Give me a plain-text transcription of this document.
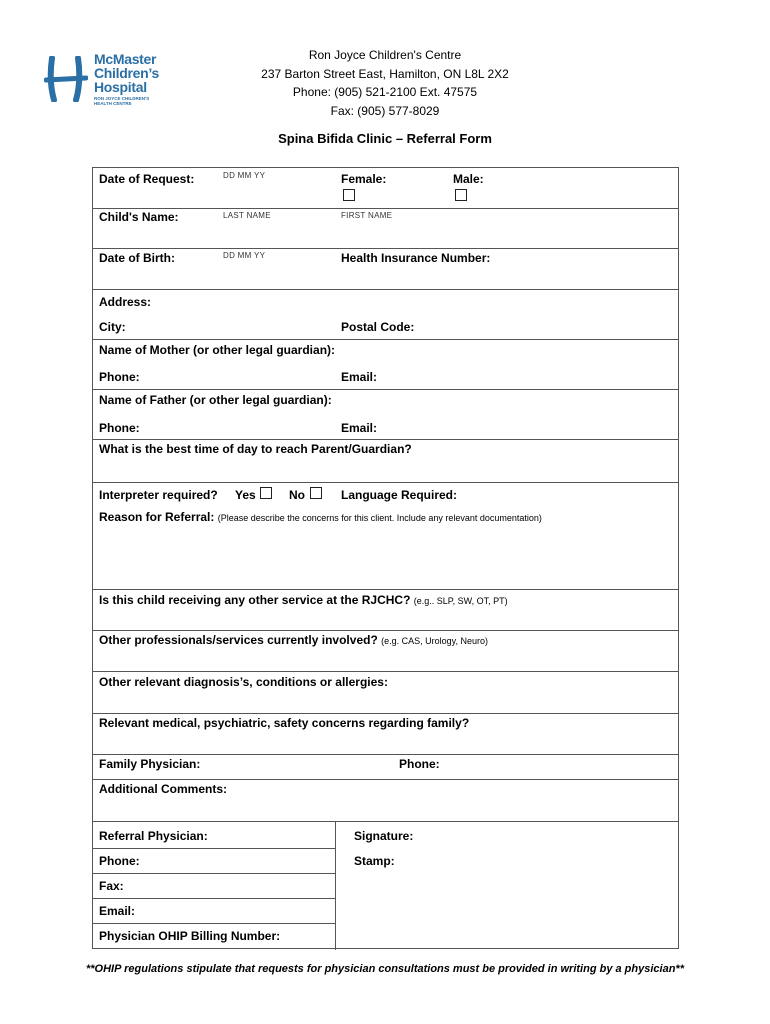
McMaster
Children’s
Hospital
RON JOYCE CHILDREN’S HEALTH CENTRE
Ron Joyce Children's Centre
237 Barton Street East, Hamilton, ON L8L 2X2
Phone: (905) 521-2100 Ext. 47575
Fax: (905) 577-8029
Spina Bifida Clinic – Referral Form
Date of Request:	DD MM YY	Female:	Male:
Child's Name:	LAST NAME	FIRST NAME
Date of Birth:	DD MM YY	Health Insurance Number:
Address:
City:	Postal Code:
Name of Mother (or other legal guardian):
Phone:	Email:
Name of Father (or other legal guardian):
Phone:	Email:
What is the best time of day to reach Parent/Guardian?
Interpreter required? Yes	No	Language Required:
Reason for Referral: (Please describe the concerns for this client. Include any relevant documentation)
Is this child receiving any other service at the RJCHC? (e.g.. SLP, SW, OT, PT)
Other professionals/services currently involved? (e.g. CAS, Urology, Neuro)
Other relevant diagnosis’s, conditions or allergies:
Relevant medical, psychiatric, safety concerns regarding family?
Family Physician:	Phone:
Additional Comments:
Referral Physician:	Signature:
Phone:	Stamp:
Fax:
Email:
Physician OHIP Billing Number:
**OHIP regulations stipulate that requests for physician consultations must be provided in writing by a physician**
